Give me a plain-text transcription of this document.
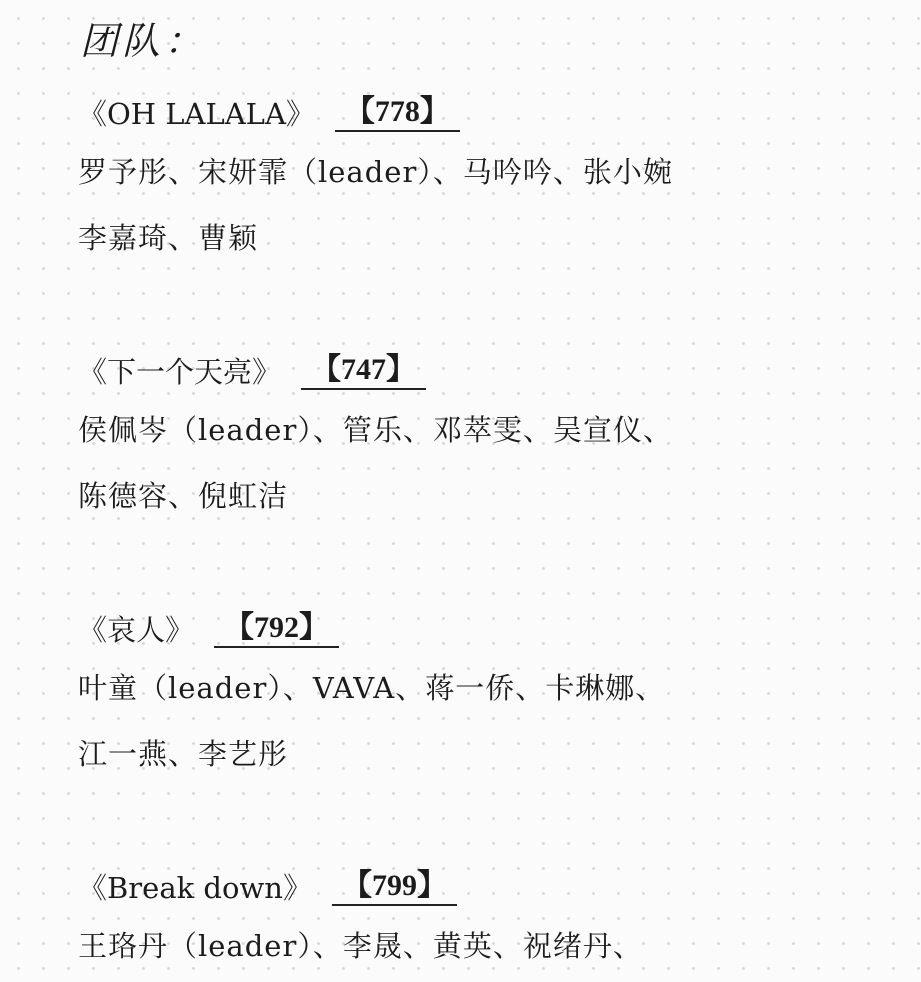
团队：
《OH LALALA》	【778】
罗予彤、宋妍霏（leader）、马吟吟、张小婉
李嘉琦、曹颖
《下一个天亮》	【747】
侯佩岑（leader）、管乐、邓萃雯、吴宣仪、
陈德容、倪虹洁
《哀人》	【792】
叶童（leader）、VAVA、蒋一侨、卡琳娜、
江一燕、李艺彤
《Break down》	【799】
王珞丹（leader）、李晟、黄英、祝绪丹、
